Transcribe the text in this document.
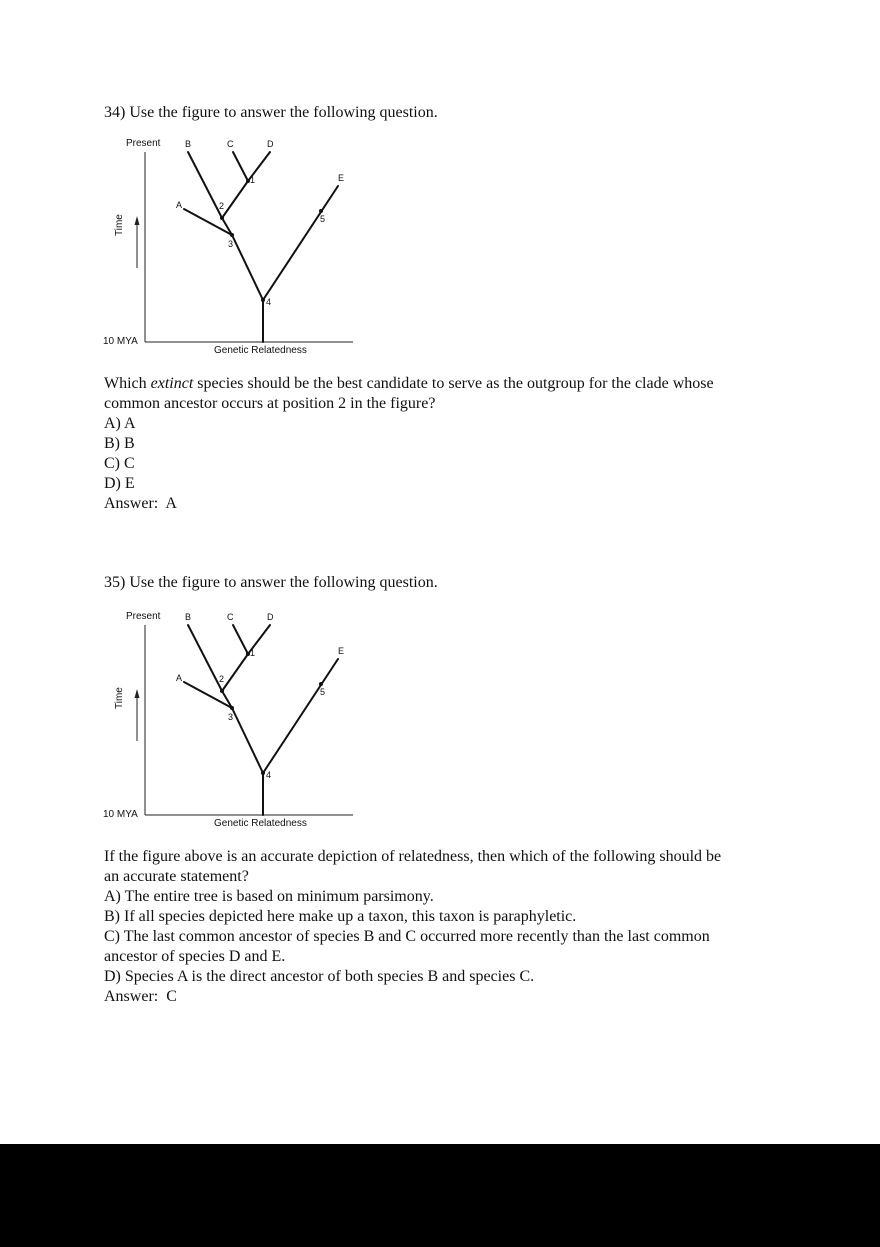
34) Use the figure to answer the following question.
Present
10 MYA
Time
Genetic Relatedness
A
B	C	D
E
1
2
3
4
5
Which extinct species should be the best candidate to serve as the outgroup for the clade whose
common ancestor occurs at position 2 in the figure?
A) A
B) B
C) C
D) E
Answer:  A
35) Use the figure to answer the following question.
Present
10 MYA
Time
Genetic Relatedness
A
B	C	D
E
1
2
3
4
5
If the figure above is an accurate depiction of relatedness, then which of the following should be
an accurate statement?
A) The entire tree is based on minimum parsimony.
B) If all species depicted here make up a taxon, this taxon is paraphyletic.
C) The last common ancestor of species B and C occurred more recently than the last common
ancestor of species D and E.
D) Species A is the direct ancestor of both species B and species C.
Answer:  C
